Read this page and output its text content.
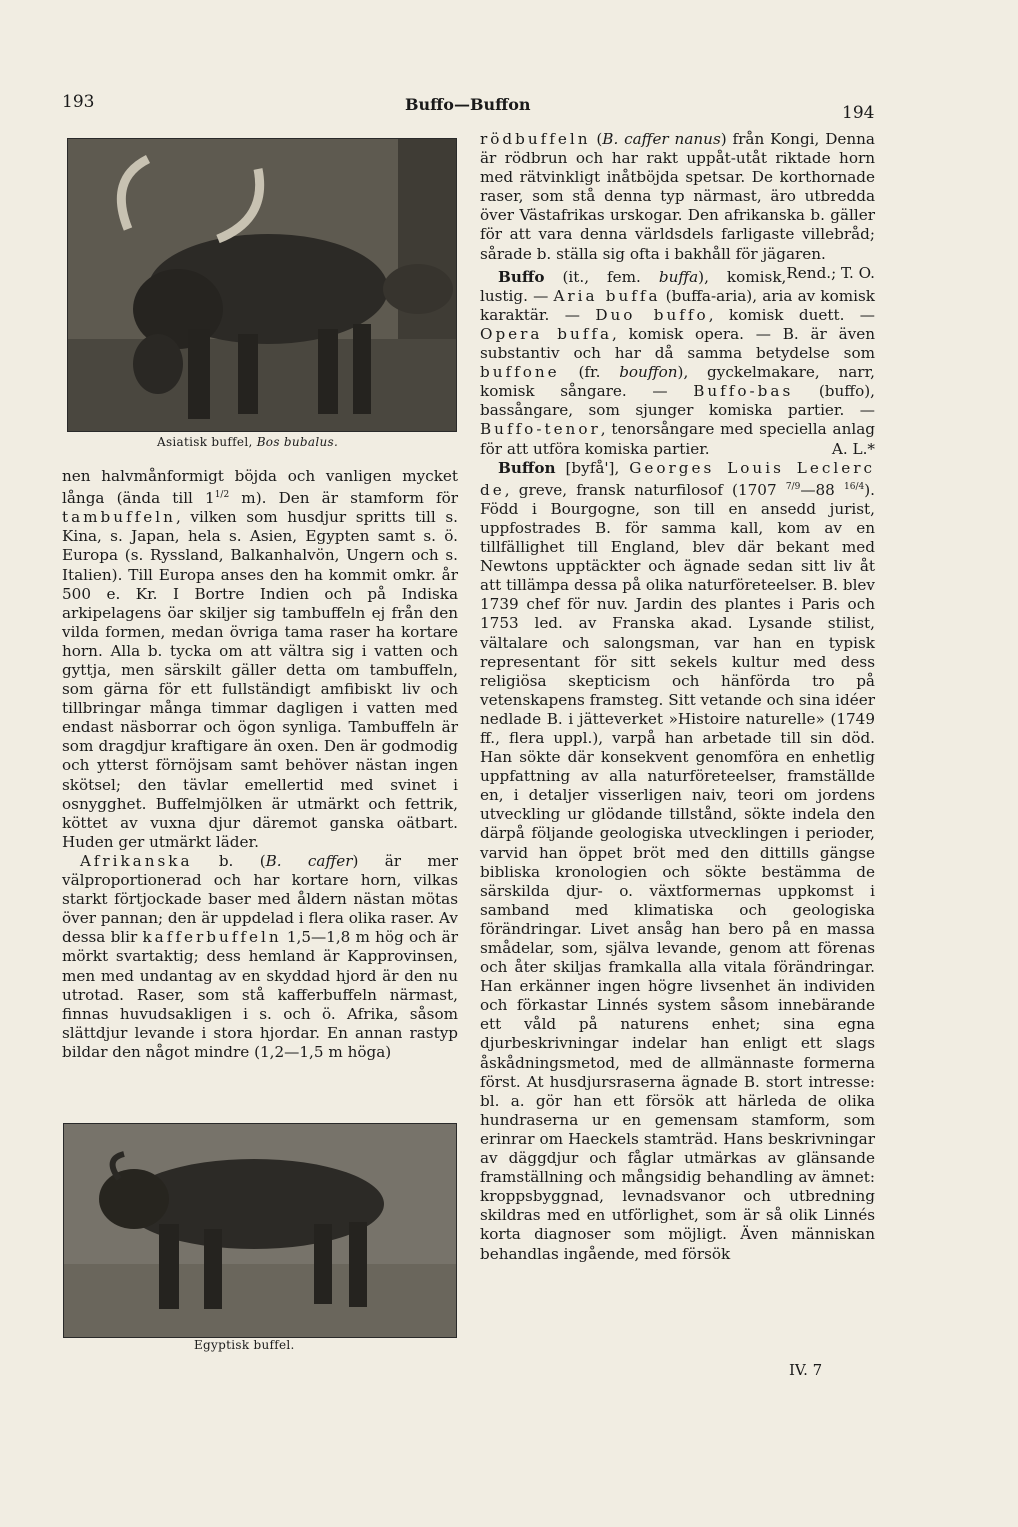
193	Buffo—Buffon	194
Asiatisk buffel, Bos bubalus.

nen halvmånformigt böjda och vanligen mycket långa (ända till $1^{1/2}$ m). Den är stamform för tambuffeln, vilken som husdjur spritts till s. Kina, s. Japan, hela s. Asien, Egypten samt s. ö. Europa (s. Ryssland, Balkanhalvön, Ungern och s. Italien). Till Europa anses den ha kommit omkr. år 500 e. Kr. I Bortre Indien och på Indiska arkipelagens öar skiljer sig tambuffeln ej från den vilda formen, medan övriga tama raser ha kortare horn. Alla b. tycka om att vältra sig i vatten och gyttja, men särskilt gäller detta om tambuffeln, som gärna för ett fullständigt amfibiskt liv och tillbringar många timmar dagligen i vatten med endast näsborrar och ögon synliga. Tambuffeln är som dragdjur kraftigare än oxen. Den är godmodig och ytterst förnöjsam samt behöver nästan ingen skötsel; den tävlar emellertid med svinet i osnygghet. Buffelmjölken är utmärkt och fettrik, köttet av vuxna djur däremot ganska oätbart. Huden ger utmärkt läder.

Afrikanska b. (B. caffer) är mer välproportionerad och har kortare horn, vilkas starkt förtjockade baser med åldern nästan mötas över pannan; den är uppdelad i flera olika raser. Av dessa blir kafferbuffeln 1,5—1,8 m hög och är mörkt svartaktig; dess hemland är Kapprovinsen, men med undantag av en skyddad hjord är den nu utrotad. Raser, som stå kafferbuffeln närmast, finnas huvudsakligen i s. och ö. Afrika, såsom slättdjur levande i stora hjordar. En annan rastyp bildar den något mindre (1,2—1,5 m höga)

Egyptisk buffel.

rödbuffeln (B. caffer nanus) från Kongi, Denna är rödbrun och har rakt uppåt-utåt riktade horn med rätvinkligt inåtböjda spetsar. De korthornade raser, som stå denna typ närmast, äro utbredda över Västafrikas urskogar. Den afrikanska b. gäller för att vara denna världsdels farligaste villebråd; sårade b. ställa sig ofta i bakhåll för jägaren.
Rend.; T. O.

Buffo (it., fem. buffa), komisk, lustig. — Aria buffa (buffa-aria), aria av komisk karaktär. — Duo buffo, komisk duett. — Opera buffa, komisk opera. — B. är även substantiv och har då samma betydelse som buffone (fr. bouffon), gyckelmakare, narr, komisk sångare. — Buffo-bas (buffo), bassångare, som sjunger komiska partier. — Buffo-tenor, tenorsångare med speciella anlag för att utföra komiska partier.	A. L.*

Buffon [byfå'], Georges Louis Leclerc de, greve, fransk naturfilosof (1707 $^{7/9}$—88 $^{16/4}$). Född i Bourgogne, son till en ansedd jurist, uppfostrades B. för samma kall, kom av en tillfällighet till England, blev där bekant med Newtons upptäckter och ägnade sedan sitt liv åt att tillämpa dessa på olika naturföreteelser. B. blev 1739 chef för nuv. Jardin des plantes i Paris och 1753 led. av Franska akad. Lysande stilist, vältalare och salongsman, var han en typisk representant för sitt sekels kultur med dess religiösa skepticism och hänförda tro på vetenskapens framsteg. Sitt vetande och sina idéer nedlade B. i jätteverket »Histoire naturelle» (1749 ff., flera uppl.), varpå han arbetade till sin död. Han sökte där konsekvent genomföra en enhetlig uppfattning av alla naturföreteelser, framställde en, i detaljer visserligen naiv, teori om jordens utveckling ur glödande tillstånd, sökte indela den därpå följande geologiska utvecklingen i perioder, varvid han öppet bröt med den dittills gängse bibliska kronologien och sökte bestämma de särskilda djur- o. växtformernas uppkomst i samband med klimatiska och geologiska förändringar. Livet ansåg han bero på en massa smådelar, som, själva levande, genom att förenas och åter skiljas framkalla alla vitala förändringar. Han erkänner ingen högre livsenhet än individen och förkastar Linnés system såsom innebärande ett våld på naturens enhet; sina egna djurbeskrivningar indelar han enligt ett slags åskådningsmetod, med de allmännaste formerna först. At husdjursraserna ägnade B. stort intresse: bl. a. gör han ett försök att härleda de olika hundraserna ur en gemensam stamform, som erinrar om Haeckels stamträd. Hans beskrivningar av däggdjur och fåglar utmärkas av glänsande framställning och mångsidig behandling av ämnet: kroppsbyggnad, levnadsvanor och utbredning skildras med en utförlighet, som är så olik Linnés korta diagnoser som möjligt. Även människan behandlas ingående, med försök

IV. 7
